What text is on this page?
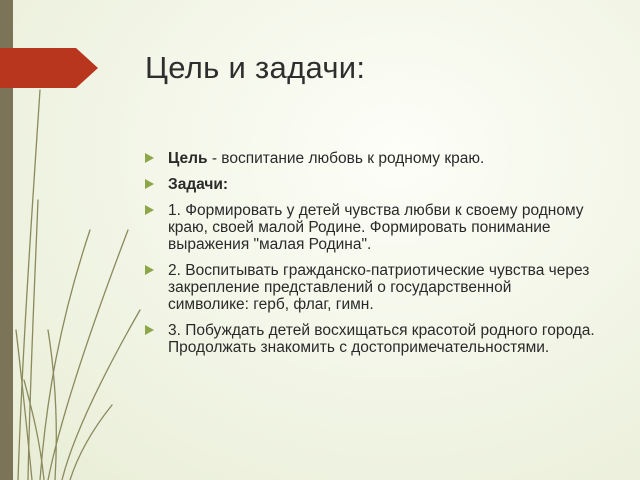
Цель и задачи:
Цель - воспитание любовь к родному краю.
Задачи:
1. Формировать у детей чувства любви к своему родному краю, своей малой Родине. Формировать понимание выражения "малая Родина".
2. Воспитывать гражданско-патриотические чувства через закрепление представлений о государственной символике: герб, флаг, гимн.
3. Побуждать детей восхищаться красотой родного города. Продолжать знакомить с достопримечательностями.
